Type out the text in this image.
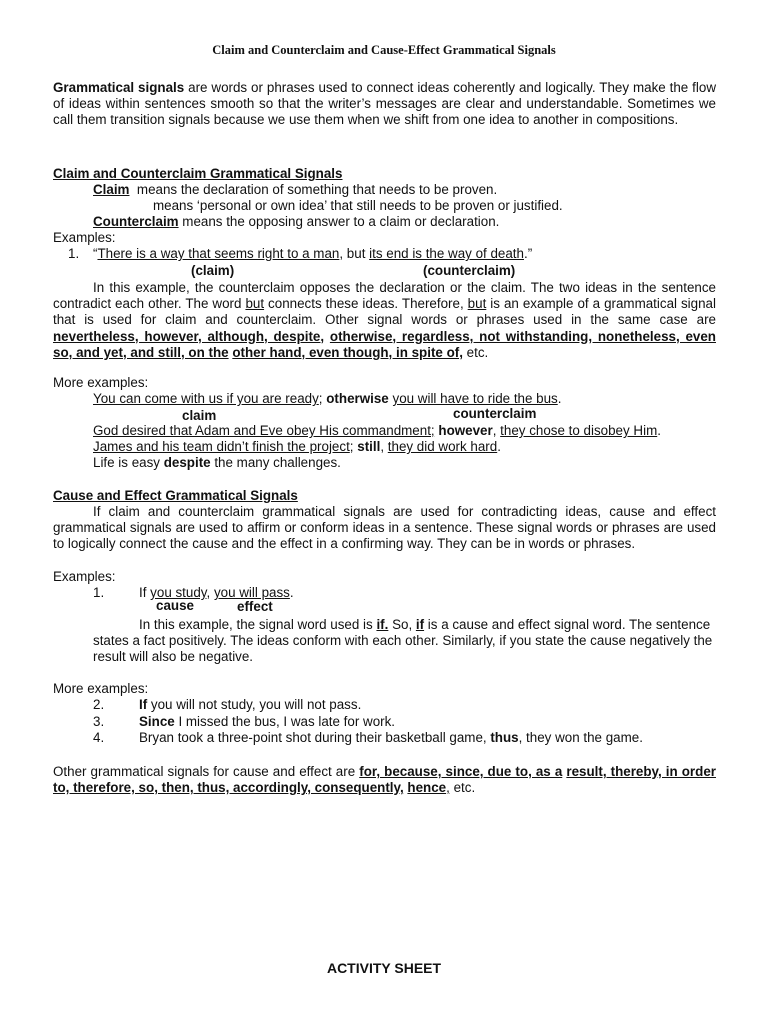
Claim and Counterclaim and Cause-Effect Grammatical Signals
Grammatical signals are words or phrases used to connect ideas coherently and logically. They make the flow of ideas within sentences smooth so that the writer’s messages are clear and understandable. Sometimes we call them transition signals because we use them when we shift from one idea to another in compositions.
Claim and Counterclaim Grammatical Signals
Claim  means the declaration of something that needs to be proven.
means ‘personal or own idea’ that still needs to be proven or justified.
Counterclaim means the opposing answer to a claim or declaration.
Examples:
1. “There is a way that seems right to a man, but its end is the way of death.”
(claim)	(counterclaim)
In this example, the counterclaim opposes the declaration or the claim. The two ideas in the sentence contradict each other. The word but connects these ideas. Therefore, but is an example of a grammatical signal that is used for claim and counterclaim. Other signal words or phrases used in the same case are nevertheless, however, although, despite, otherwise, regardless, not withstanding, nonetheless, even so, and yet, and still, on the other hand, even though, in spite of, etc.
More examples:
You can come with us if you are ready; otherwise you will have to ride the bus.
claim	counterclaim
God desired that Adam and Eve obey His commandment; however, they chose to disobey Him.
James and his team didn’t finish the project; still, they did work hard.
Life is easy despite the many challenges.
Cause and Effect Grammatical Signals
If claim and counterclaim grammatical signals are used for contradicting ideas, cause and effect grammatical signals are used to affirm or conform ideas in a sentence. These signal words or phrases are used to logically connect the cause and the effect in a confirming way. They can be in words or phrases.
Examples:
1.	If you study, you will pass.
cause	effect
In this example, the signal word used is if. So, if is a cause and effect signal word. The sentence states a fact positively. The ideas conform with each other. Similarly, if you state the cause negatively the result will also be negative.
More examples:
2.	If you will not study, you will not pass.
3.	Since I missed the bus, I was late for work.
4.	Bryan took a three-point shot during their basketball game, thus, they won the game.
Other grammatical signals for cause and effect are for, because, since, due to, as a result, thereby, in order to, therefore, so, then, thus, accordingly, consequently, hence, etc.
ACTIVITY SHEET
